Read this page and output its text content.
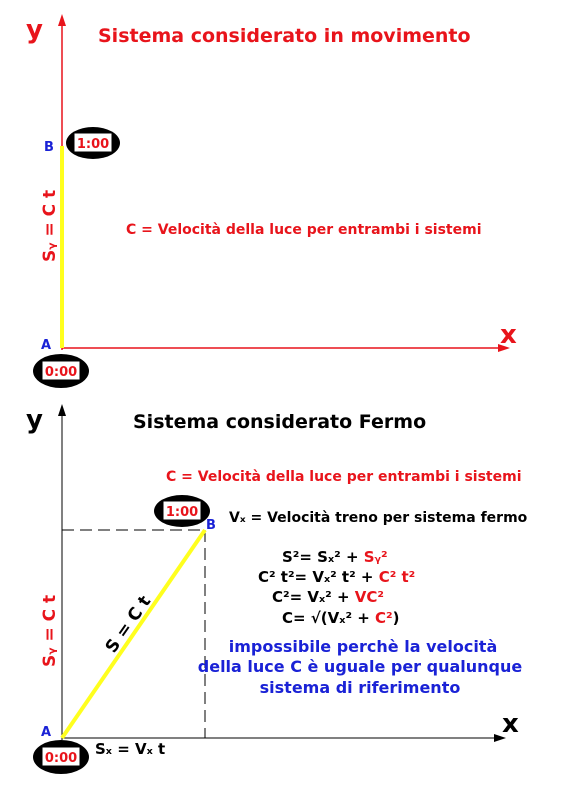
y
x
Sistema considerato in movimento
B
A
1:00
0:00
Sᵧ = C t	C = Velocità della luce per entrambi i sistemi
y
x
Sistema considerato Fermo
C = Velocità della luce per entrambi i sistemi
B
A
1:00
0:00
Vₓ = Velocità treno per sistema fermo
S²= Sₓ² + Sᵧ²
C² t²= Vₓ² t² + C² t²
C²= Vₓ² + VC²
C= √(Vₓ² + C²)
impossibile perchè la velocità
della luce C è uguale per qualunque
sistema di riferimento
Sᵧ = C t S = C t
Sₓ = Vₓ t
